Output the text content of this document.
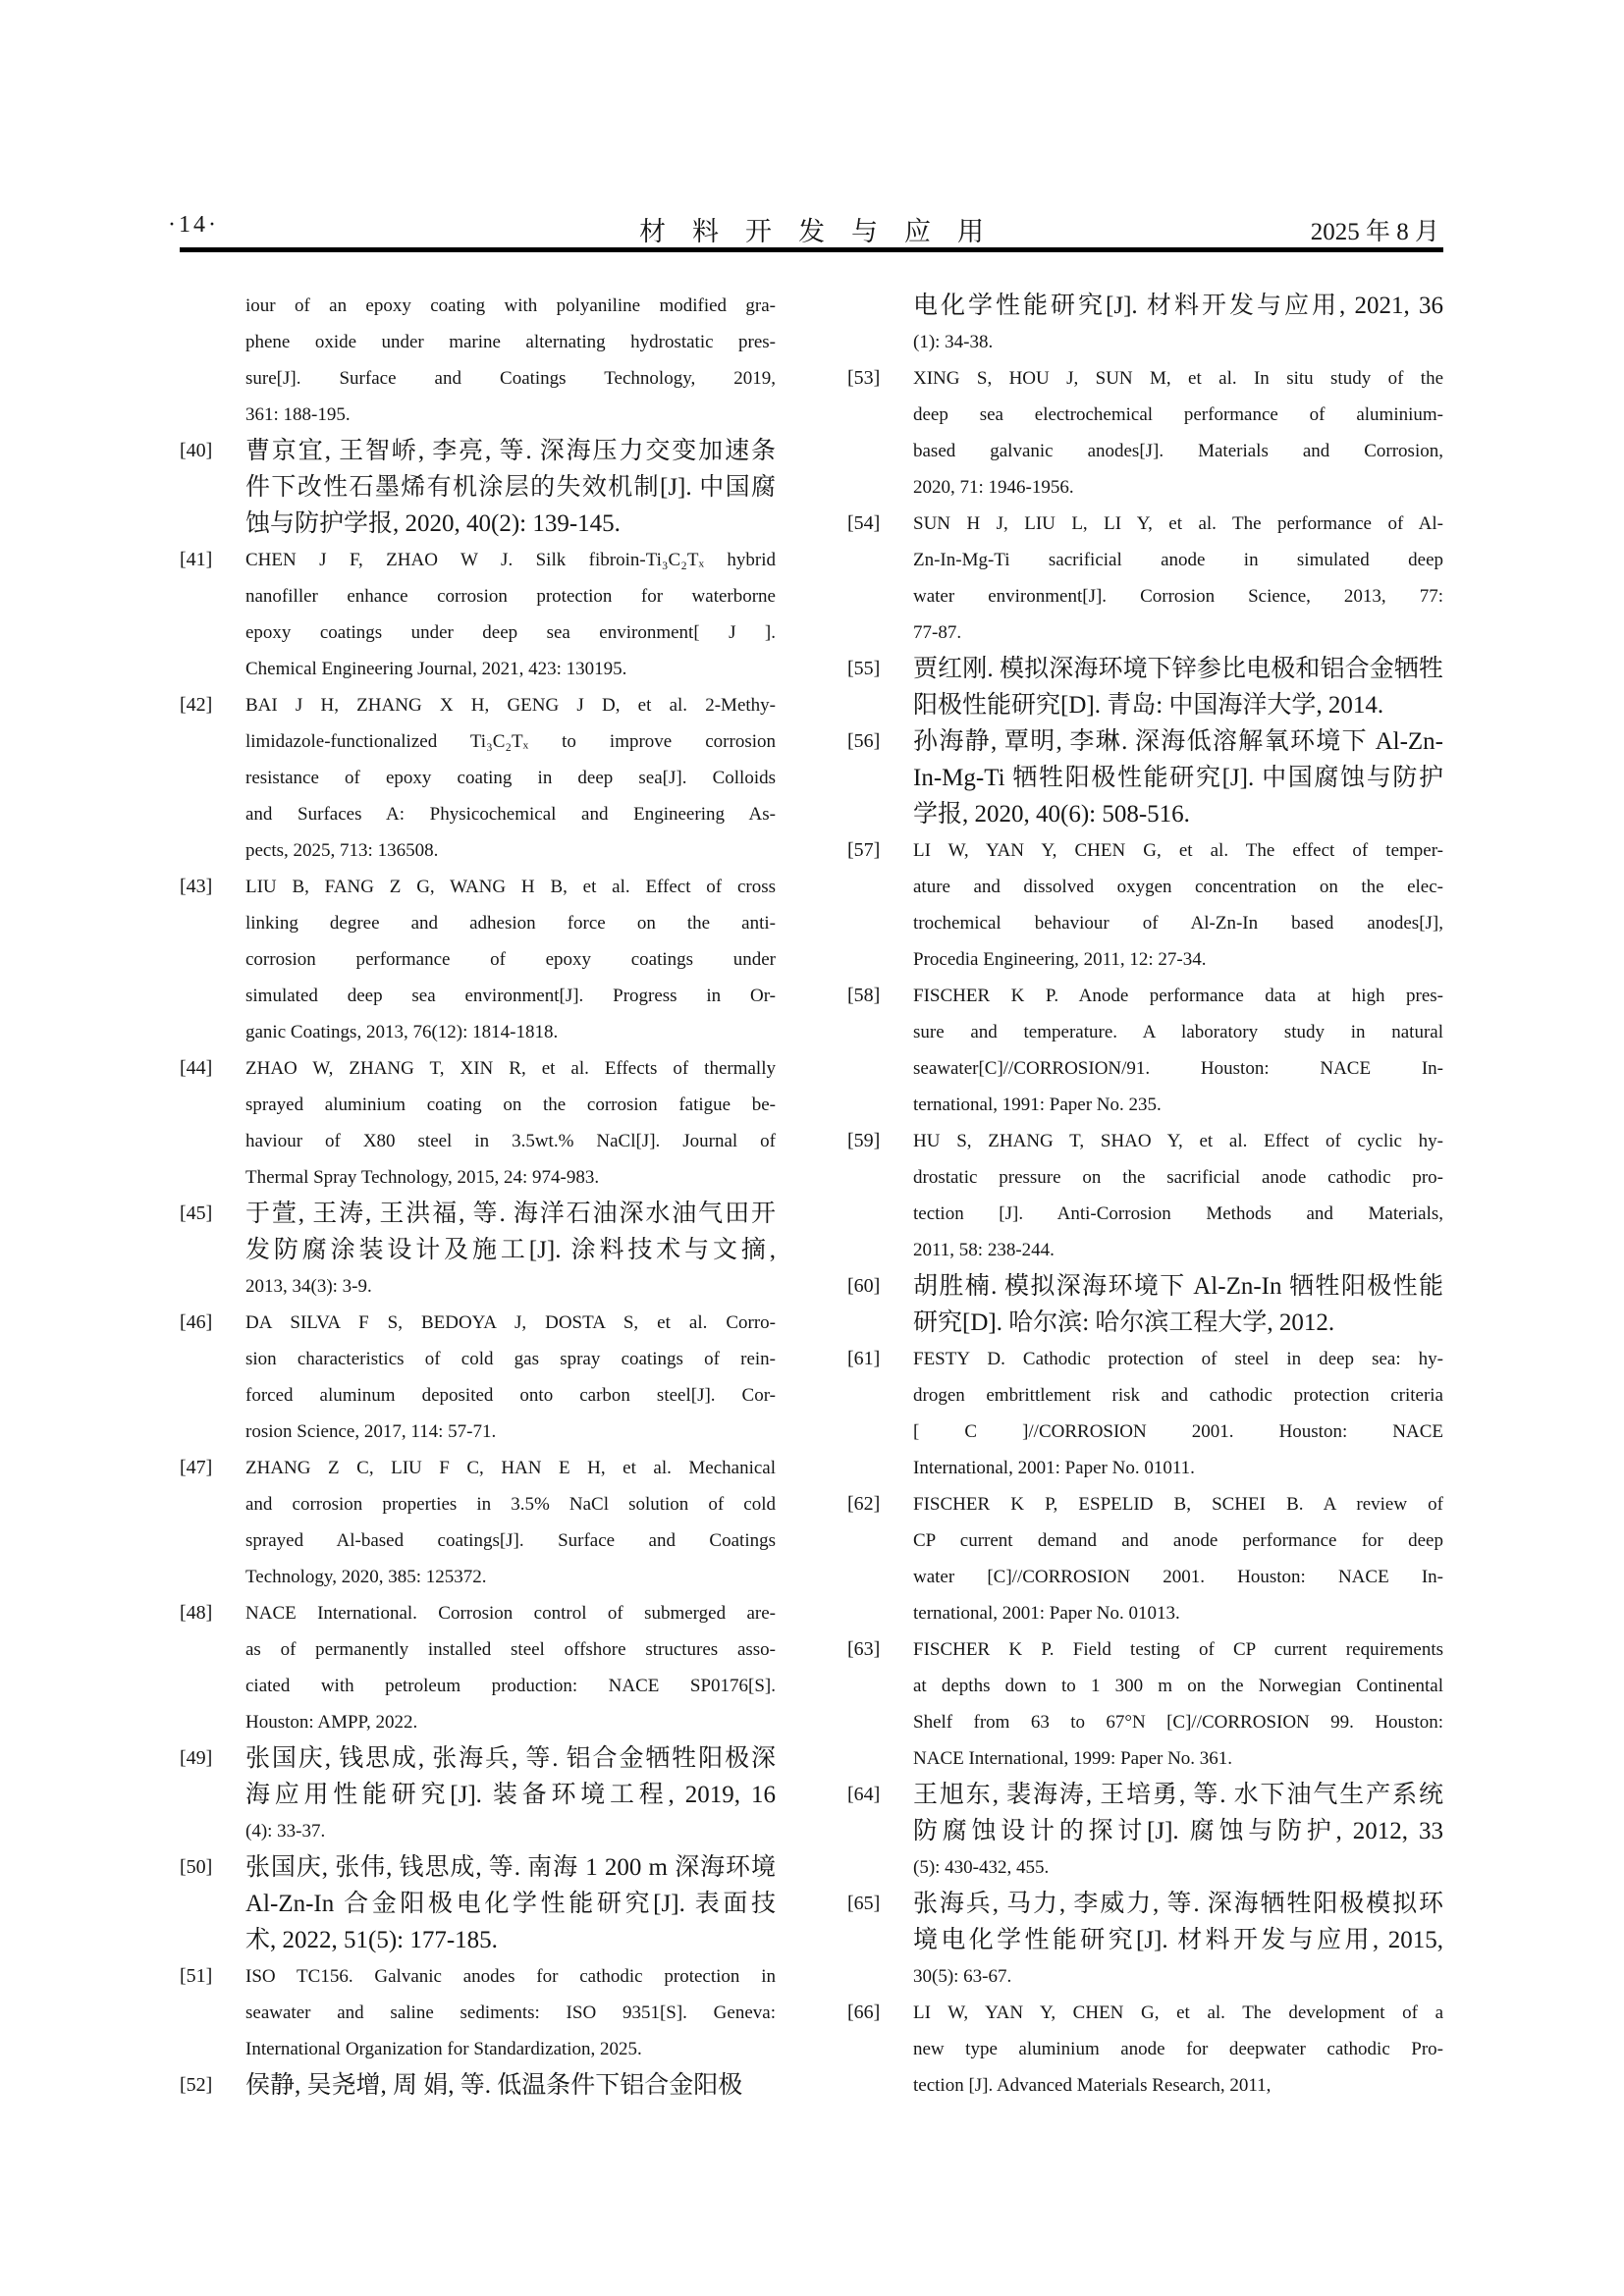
·14·	材料开发与应用	2025 年 8 月
iour of an epoxy coating with polyaniline modified gra-
phene oxide under marine alternating hydrostatic pres-
sure[J]. Surface and Coatings Technology, 2019,
361: 188-195.
[40] 曹京宜, 王智峤, 李亮, 等. 深海压力交变加速条
件下改性石墨烯有机涂层的失效机制[J]. 中国腐
蚀与防护学报, 2020, 40(2): 139-145.
[41] CHEN J F, ZHAO W J. Silk fibroin-Ti₃C₂Tₓ hybrid
nanofiller enhance corrosion protection for waterborne
epoxy coatings under deep sea environment[ J ].
Chemical Engineering Journal, 2021, 423: 130195.
[42] BAI J H, ZHANG X H, GENG J D, et al. 2-Methy-
limidazole-functionalized Ti₃C₂Tₓ to improve corrosion
resistance of epoxy coating in deep sea[J]. Colloids
and Surfaces A: Physicochemical and Engineering As-
pects, 2025, 713: 136508.
[43] LIU B, FANG Z G, WANG H B, et al. Effect of cross
linking degree and adhesion force on the anti-
corrosion performance of epoxy coatings under
simulated deep sea environment[J]. Progress in Or-
ganic Coatings, 2013, 76(12): 1814-1818.
[44] ZHAO W, ZHANG T, XIN R, et al. Effects of thermally
sprayed aluminium coating on the corrosion fatigue be-
haviour of X80 steel in 3.5wt.% NaCl[J]. Journal of
Thermal Spray Technology, 2015, 24: 974-983.
[45] 于萱, 王涛, 王洪福, 等. 海洋石油深水油气田开
发防腐涂装设计及施工[J]. 涂料技术与文摘,
2013, 34(3): 3-9.
[46] DA SILVA F S, BEDOYA J, DOSTA S, et al. Corro-
sion characteristics of cold gas spray coatings of rein-
forced aluminum deposited onto carbon steel[J]. Cor-
rosion Science, 2017, 114: 57-71.
[47] ZHANG Z C, LIU F C, HAN E H, et al. Mechanical
and corrosion properties in 3.5% NaCl solution of cold
sprayed Al-based coatings[J]. Surface and Coatings
Technology, 2020, 385: 125372.
[48] NACE International. Corrosion control of submerged are-
as of permanently installed steel offshore structures asso-
ciated with petroleum production: NACE SP0176[S].
Houston: AMPP, 2022.
[49] 张国庆, 钱思成, 张海兵, 等. 铝合金牺牲阳极深
海应用性能研究[J]. 装备环境工程, 2019, 16
(4): 33-37.
[50] 张国庆, 张伟, 钱思成, 等. 南海 1 200 m 深海环境
Al-Zn-In 合金阳极电化学性能研究[J]. 表面技
术, 2022, 51(5): 177-185.
[51] ISO TC156. Galvanic anodes for cathodic protection in
seawater and saline sediments: ISO 9351[S]. Geneva:
International Organization for Standardization, 2025.
[52] 侯静, 吴尧增, 周 娟, 等. 低温条件下铝合金阳极
电化学性能研究[J]. 材料开发与应用, 2021, 36
(1): 34-38.
[53] XING S, HOU J, SUN M, et al. In situ study of the
deep sea electrochemical performance of aluminium-
based galvanic anodes[J]. Materials and Corrosion,
2020, 71: 1946-1956.
[54] SUN H J, LIU L, LI Y, et al. The performance of Al-
Zn-In-Mg-Ti sacrificial anode in simulated deep
water environment[J]. Corrosion Science, 2013, 77:
77-87.
[55] 贾红刚. 模拟深海环境下锌参比电极和铝合金牺牲
阳极性能研究[D]. 青岛: 中国海洋大学, 2014.
[56] 孙海静, 覃明, 李琳. 深海低溶解氧环境下 Al-Zn-
In-Mg-Ti 牺牲阳极性能研究[J]. 中国腐蚀与防护
学报, 2020, 40(6): 508-516.
[57] LI W, YAN Y, CHEN G, et al. The effect of temper-
ature and dissolved oxygen concentration on the elec-
trochemical behaviour of Al-Zn-In based anodes[J],
Procedia Engineering, 2011, 12: 27-34.
[58] FISCHER K P. Anode performance data at high pres-
sure and temperature. A laboratory study in natural
seawater[C]//CORROSION/91. Houston: NACE In-
ternational, 1991: Paper No. 235.
[59] HU S, ZHANG T, SHAO Y, et al. Effect of cyclic hy-
drostatic pressure on the sacrificial anode cathodic pro-
tection [J]. Anti-Corrosion Methods and Materials,
2011, 58: 238-244.
[60] 胡胜楠. 模拟深海环境下 Al-Zn-In 牺牲阳极性能
研究[D]. 哈尔滨: 哈尔滨工程大学, 2012.
[61] FESTY D. Cathodic protection of steel in deep sea: hy-
drogen embrittlement risk and cathodic protection criteria
[ C ]//CORROSION 2001. Houston: NACE
International, 2001: Paper No. 01011.
[62] FISCHER K P, ESPELID B, SCHEI B. A review of
CP current demand and anode performance for deep
water [C]//CORROSION 2001. Houston: NACE In-
ternational, 2001: Paper No. 01013.
[63] FISCHER K P. Field testing of CP current requirements
at depths down to 1 300 m on the Norwegian Continental
Shelf from 63 to 67°N [C]//CORROSION 99. Houston:
NACE International, 1999: Paper No. 361.
[64] 王旭东, 裴海涛, 王培勇, 等. 水下油气生产系统
防腐蚀设计的探讨[J]. 腐蚀与防护, 2012, 33
(5): 430-432, 455.
[65] 张海兵, 马力, 李威力, 等. 深海牺牲阳极模拟环
境电化学性能研究[J]. 材料开发与应用, 2015,
30(5): 63-67.
[66] LI W, YAN Y, CHEN G, et al. The development of a
new type aluminium anode for deepwater cathodic Pro-
tection [J]. Advanced Materials Research, 2011,
